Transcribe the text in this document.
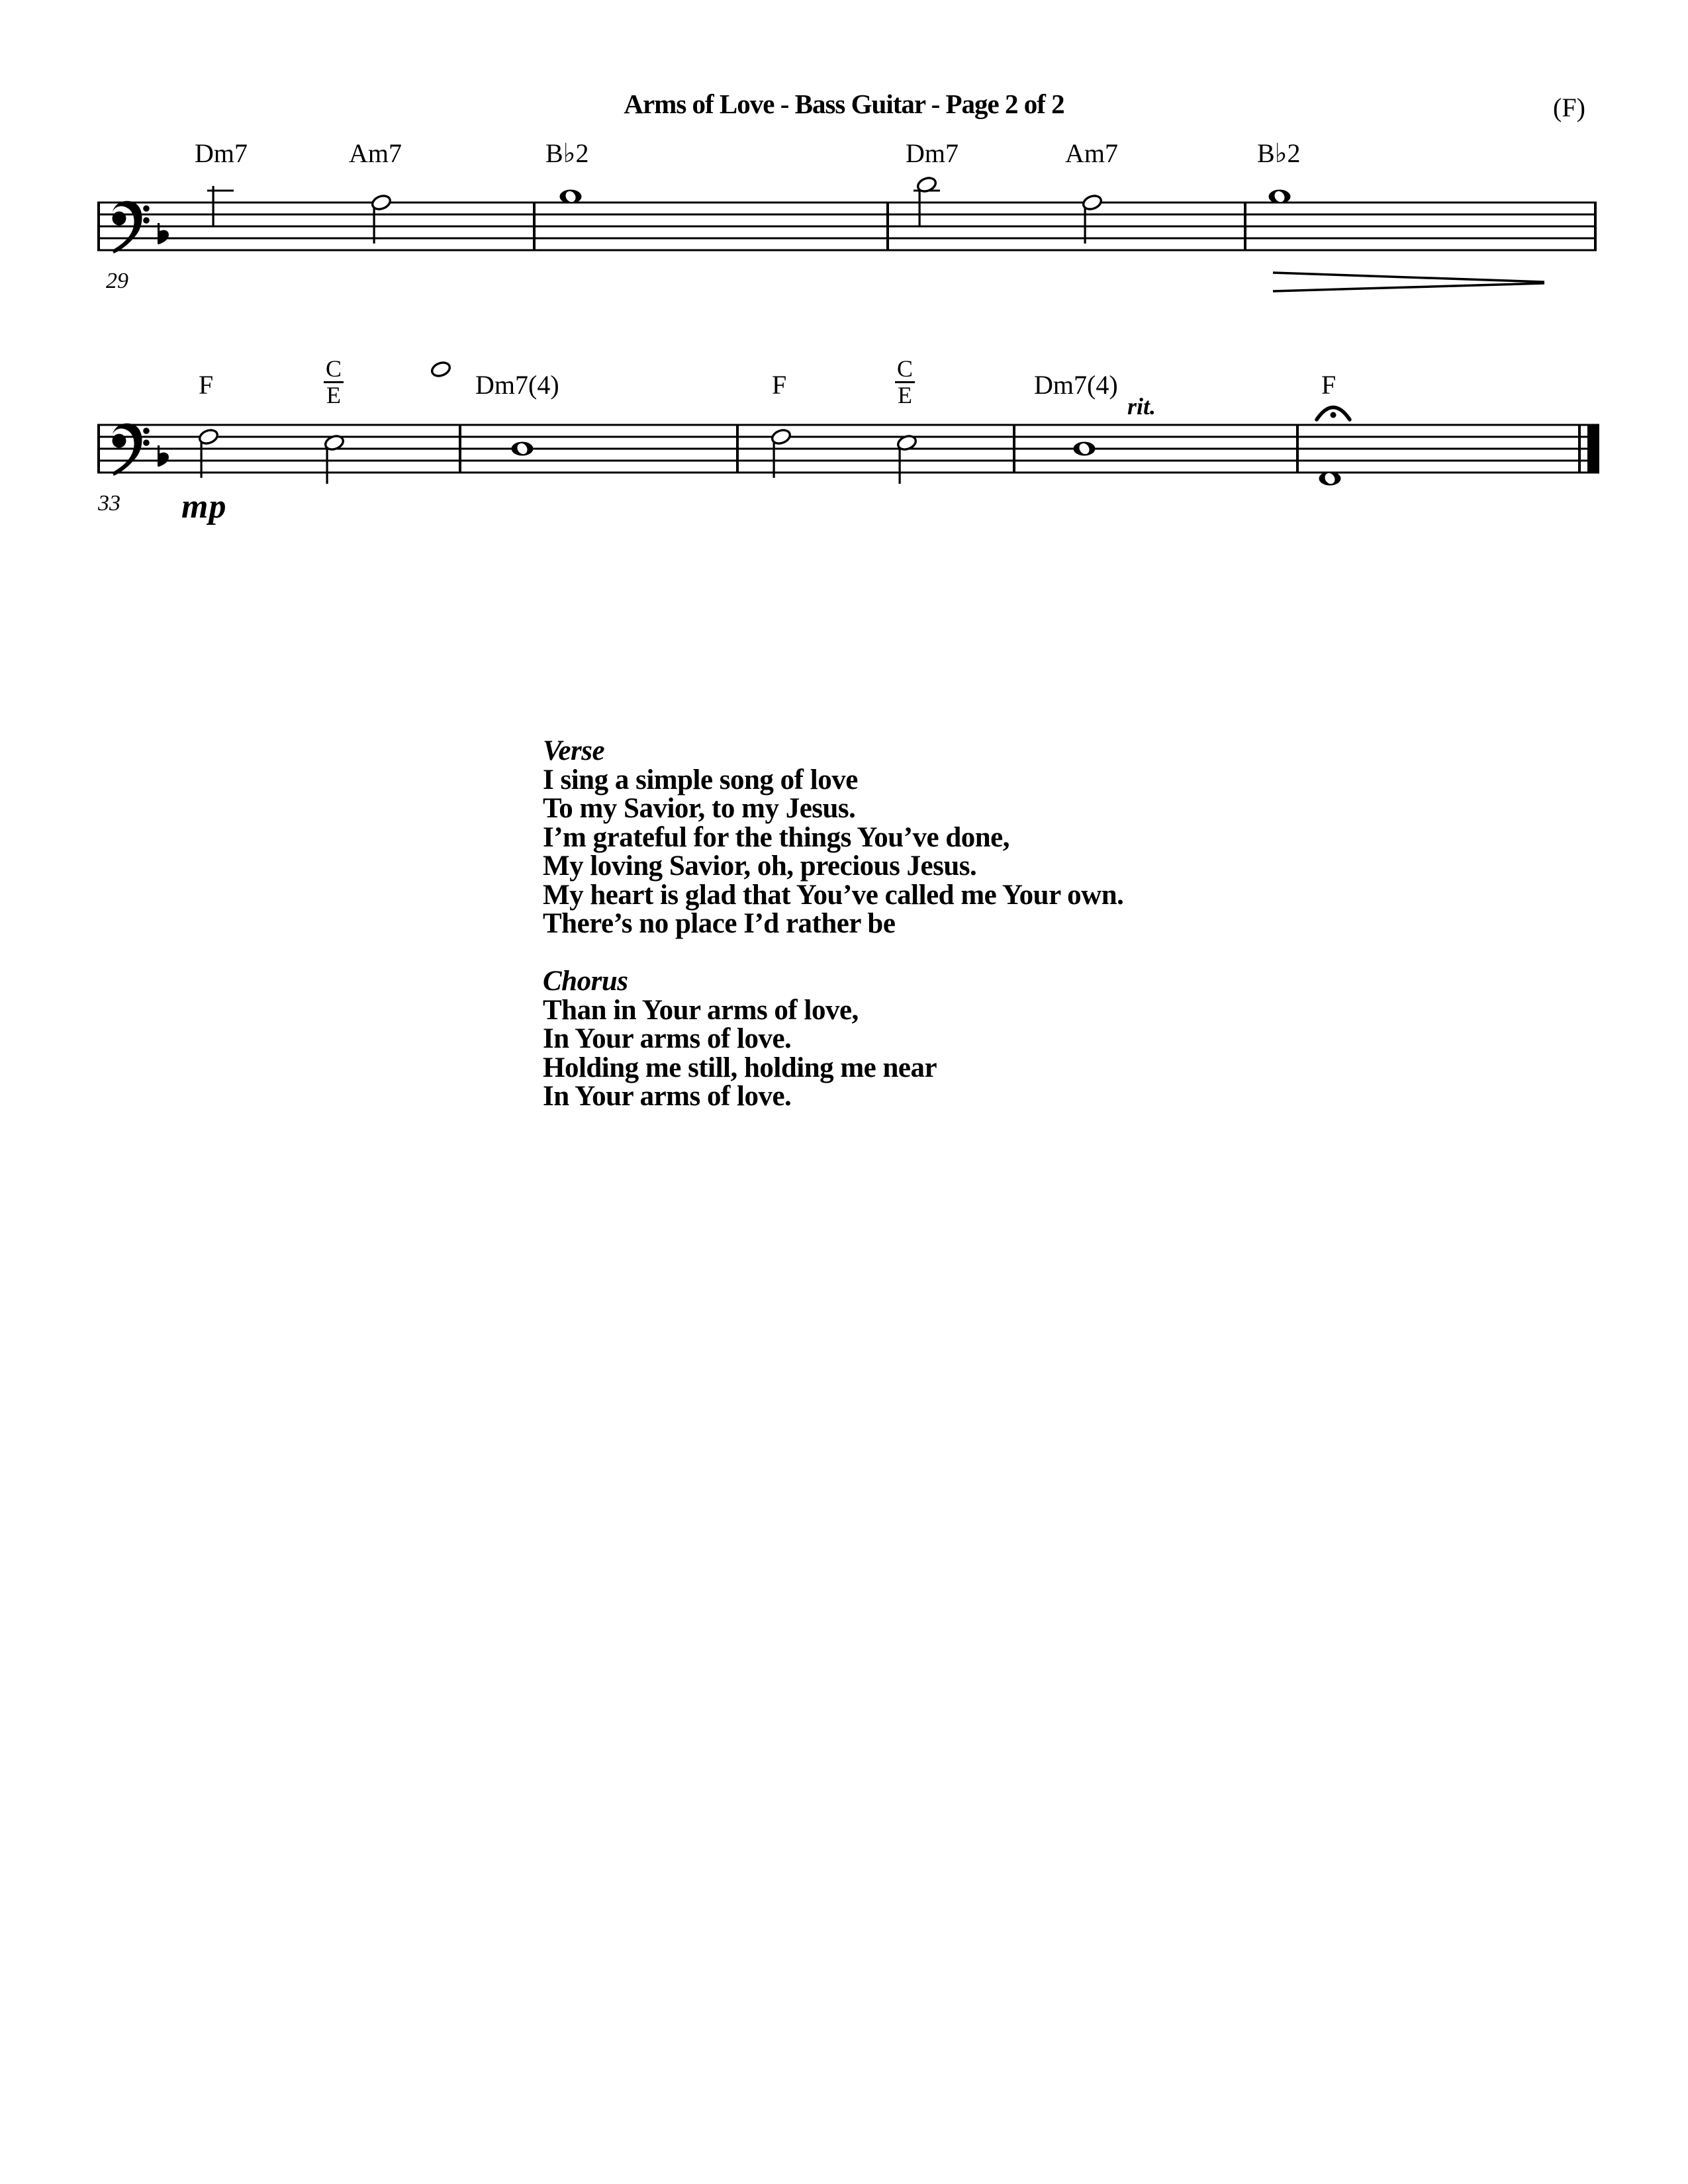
Arms of Love - Bass Guitar - Page 2 of 2	(F)
Dm7	Am7	B♭2	Dm7	Am7	B♭2
29
F
C
E	Dm7(4)	F
C
E	Dm7(4)	F
rit.
33 mp
Verse
I sing a simple song of love
To my Savior, to my Jesus.
I’m grateful for the things You’ve done,
My loving Savior, oh, precious Jesus.
My heart is glad that You’ve called me Your own.
There’s no place I’d rather be
Chorus
Than in Your arms of love,
In Your arms of love.
Holding me still, holding me near
In Your arms of love.
